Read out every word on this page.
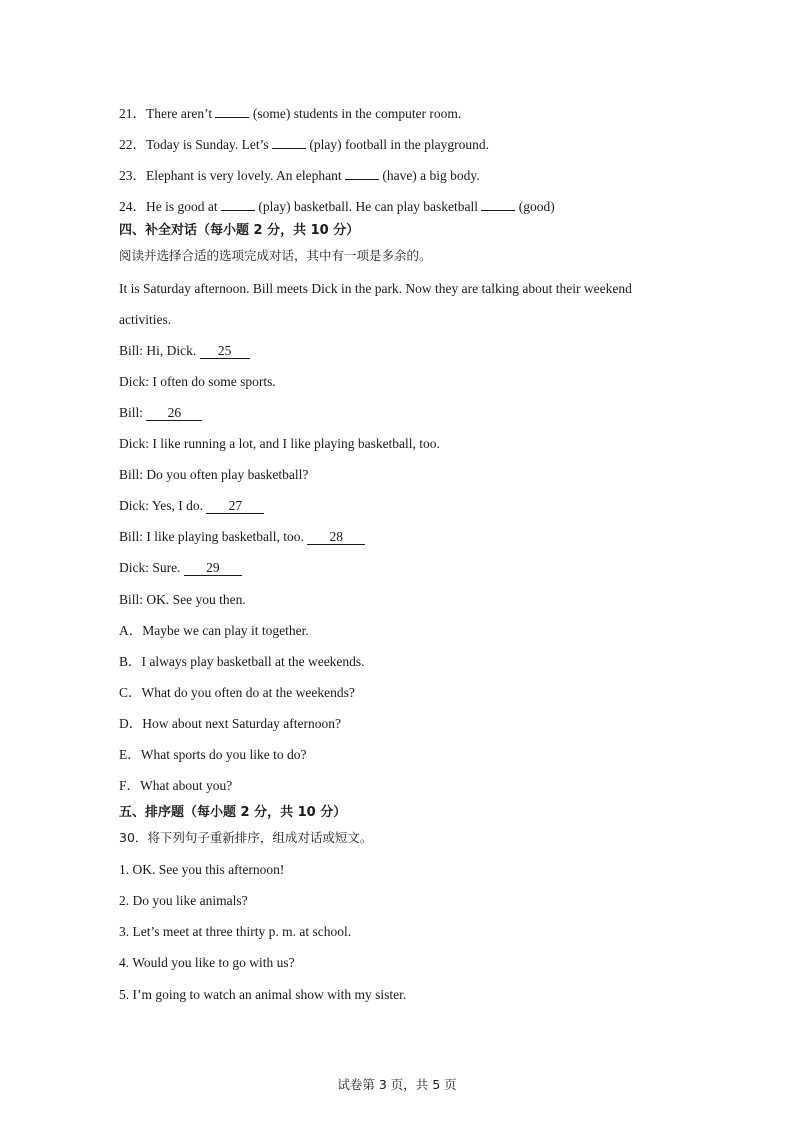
21．There aren’t	(some) students in the computer room.
22．Today is Sunday. Let’s	(play) football in the playground.
23．Elephant is very lovely. An elephant	(have) a big body.
24．He is good at	(play) basketball. He can play basketball	(good)
四、补全对话（每小题 2 分，共 10 分）
阅读并选择合适的选项完成对话，其中有一项是多余的。
It is Saturday afternoon. Bill meets Dick in the park. Now they are talking about their weekend
activities.
Bill: Hi, Dick. 25
Dick: I often do some sports.
Bill: 26
Dick: I like running a lot, and I like playing basketball, too.
Bill: Do you often play basketball?
Dick: Yes, I do. 27
Bill: I like playing basketball, too. 28
Dick: Sure. 29
Bill: OK. See you then.
A．Maybe we can play it together.
B．I always play basketball at the weekends.
C．What do you often do at the weekends?
D．How about next Saturday afternoon?
E．What sports do you like to do?
F．What about you?
五、排序题（每小题 2 分，共 10 分）
30．将下列句子重新排序，组成对话或短文。
1. OK. See you this afternoon!
2. Do you like animals?
3. Let’s meet at three thirty p. m. at school.
4. Would you like to go with us?
5. I’m going to watch an animal show with my sister.
试卷第 3 页，共 5 页
